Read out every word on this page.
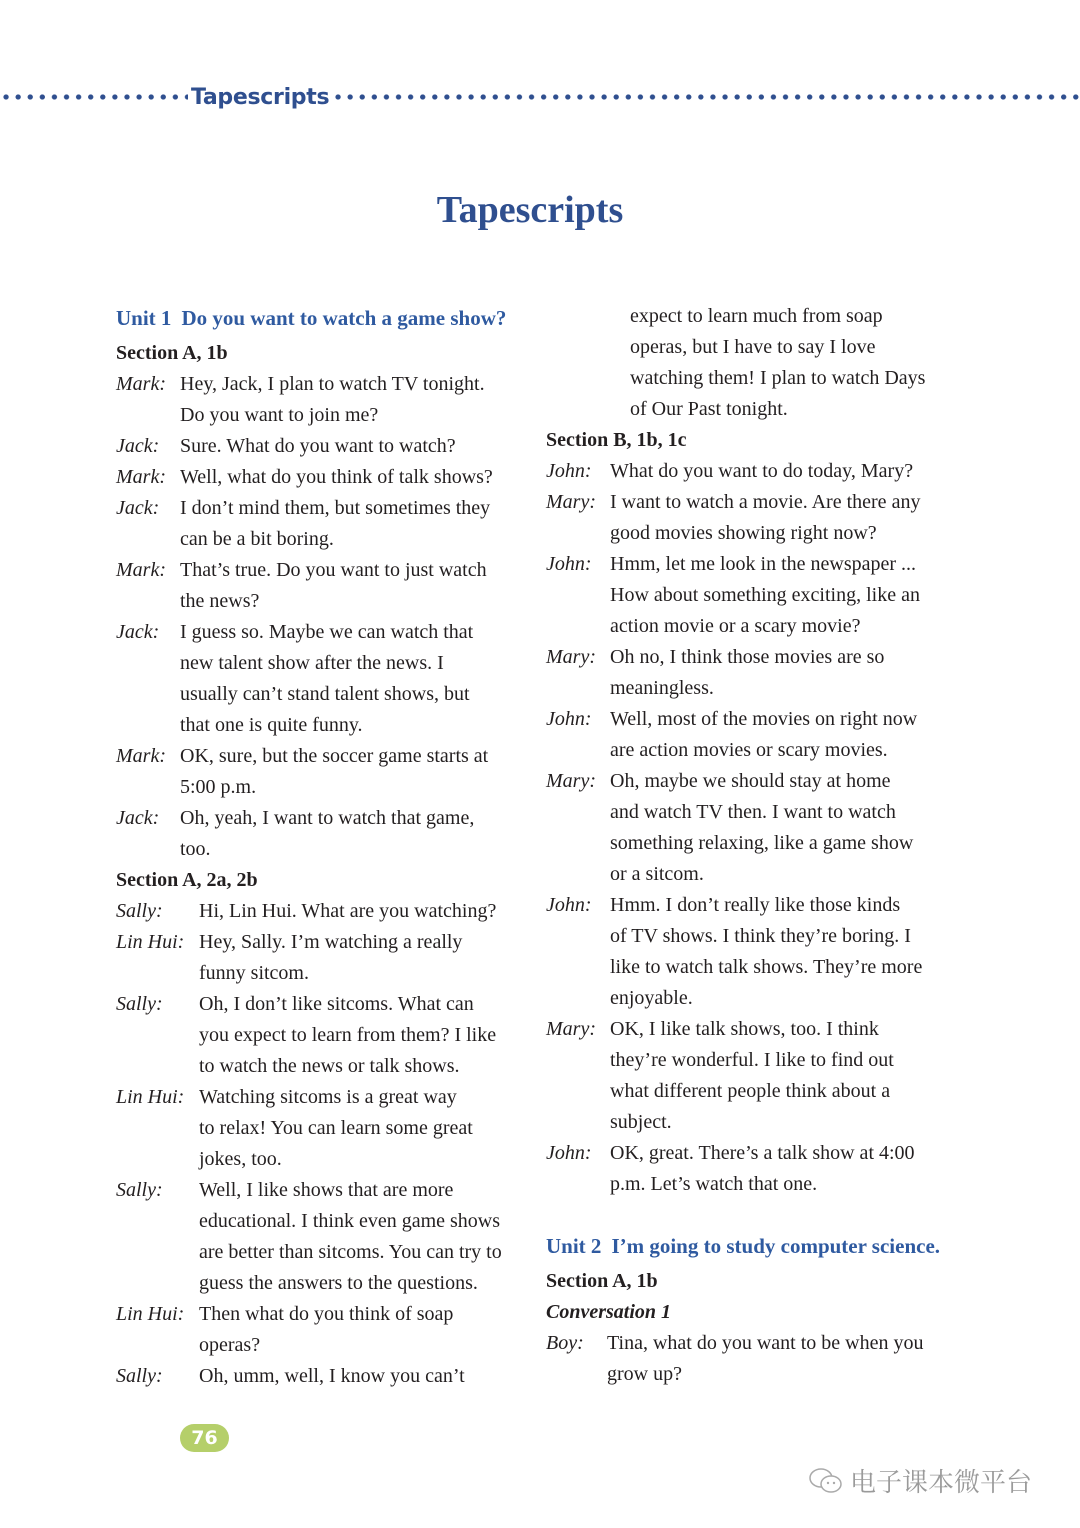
Tapescripts
Tapescripts
Unit 1 Do you want to watch a game show?
Section A, 1b
Mark: Hey, Jack, I plan to watch TV tonight.
Do you want to join me?
Jack:	Sure. What do you want to watch?
Mark: Well, what do you think of talk shows?
Jack:	I don’t mind them, but sometimes they
can be a bit boring.
Mark: That’s true. Do you want to just watch
the news?
Jack:	I guess so. Maybe we can watch that
new talent show after the news. I
usually can’t stand talent shows, but
that one is quite funny.
Mark: OK, sure, but the soccer game starts at
5:00 p.m.
Jack:	Oh, yeah, I want to watch that game,
too.
Section A, 2a, 2b
Sally:	Hi, Lin Hui. What are you watching?
Lin Hui: Hey, Sally. I’m watching a really
funny sitcom.
Sally:	Oh, I don’t like sitcoms. What can
you expect to learn from them? I like
to watch the news or talk shows.
Lin Hui: Watching sitcoms is a great way
to relax! You can learn some great
jokes, too.
Sally:	Well, I like shows that are more
educational. I think even game shows
are better than sitcoms. You can try to
guess the answers to the questions.
Lin Hui: Then what do you think of soap
operas?
Sally:	Oh, umm, well, I know you can’t
expect to learn much from soap
operas, but I have to say I love
watching them! I plan to watch Days
of Our Past tonight.
Section B, 1b, 1c
John: What do you want to do today, Mary?
Mary: I want to watch a movie. Are there any
good movies showing right now?
John: Hmm, let me look in the newspaper ...
How about something exciting, like an
action movie or a scary movie?
Mary: Oh no, I think those movies are so
meaningless.
John: Well, most of the movies on right now
are action movies or scary movies.
Mary: Oh, maybe we should stay at home
and watch TV then. I want to watch
something relaxing, like a game show
or a sitcom.
John: Hmm. I don’t really like those kinds
of TV shows. I think they’re boring. I
like to watch talk shows. They’re more
enjoyable.
Mary: OK, I like talk shows, too. I think
they’re wonderful. I like to find out
what different people think about a
subject.
John: OK, great. There’s a talk show at 4:00
p.m. Let’s watch that one.
Unit 2 I’m going to study computer science.
Section A, 1b
Conversation 1
Boy:	Tina, what do you want to be when you
grow up?
76
电子课本微平台
